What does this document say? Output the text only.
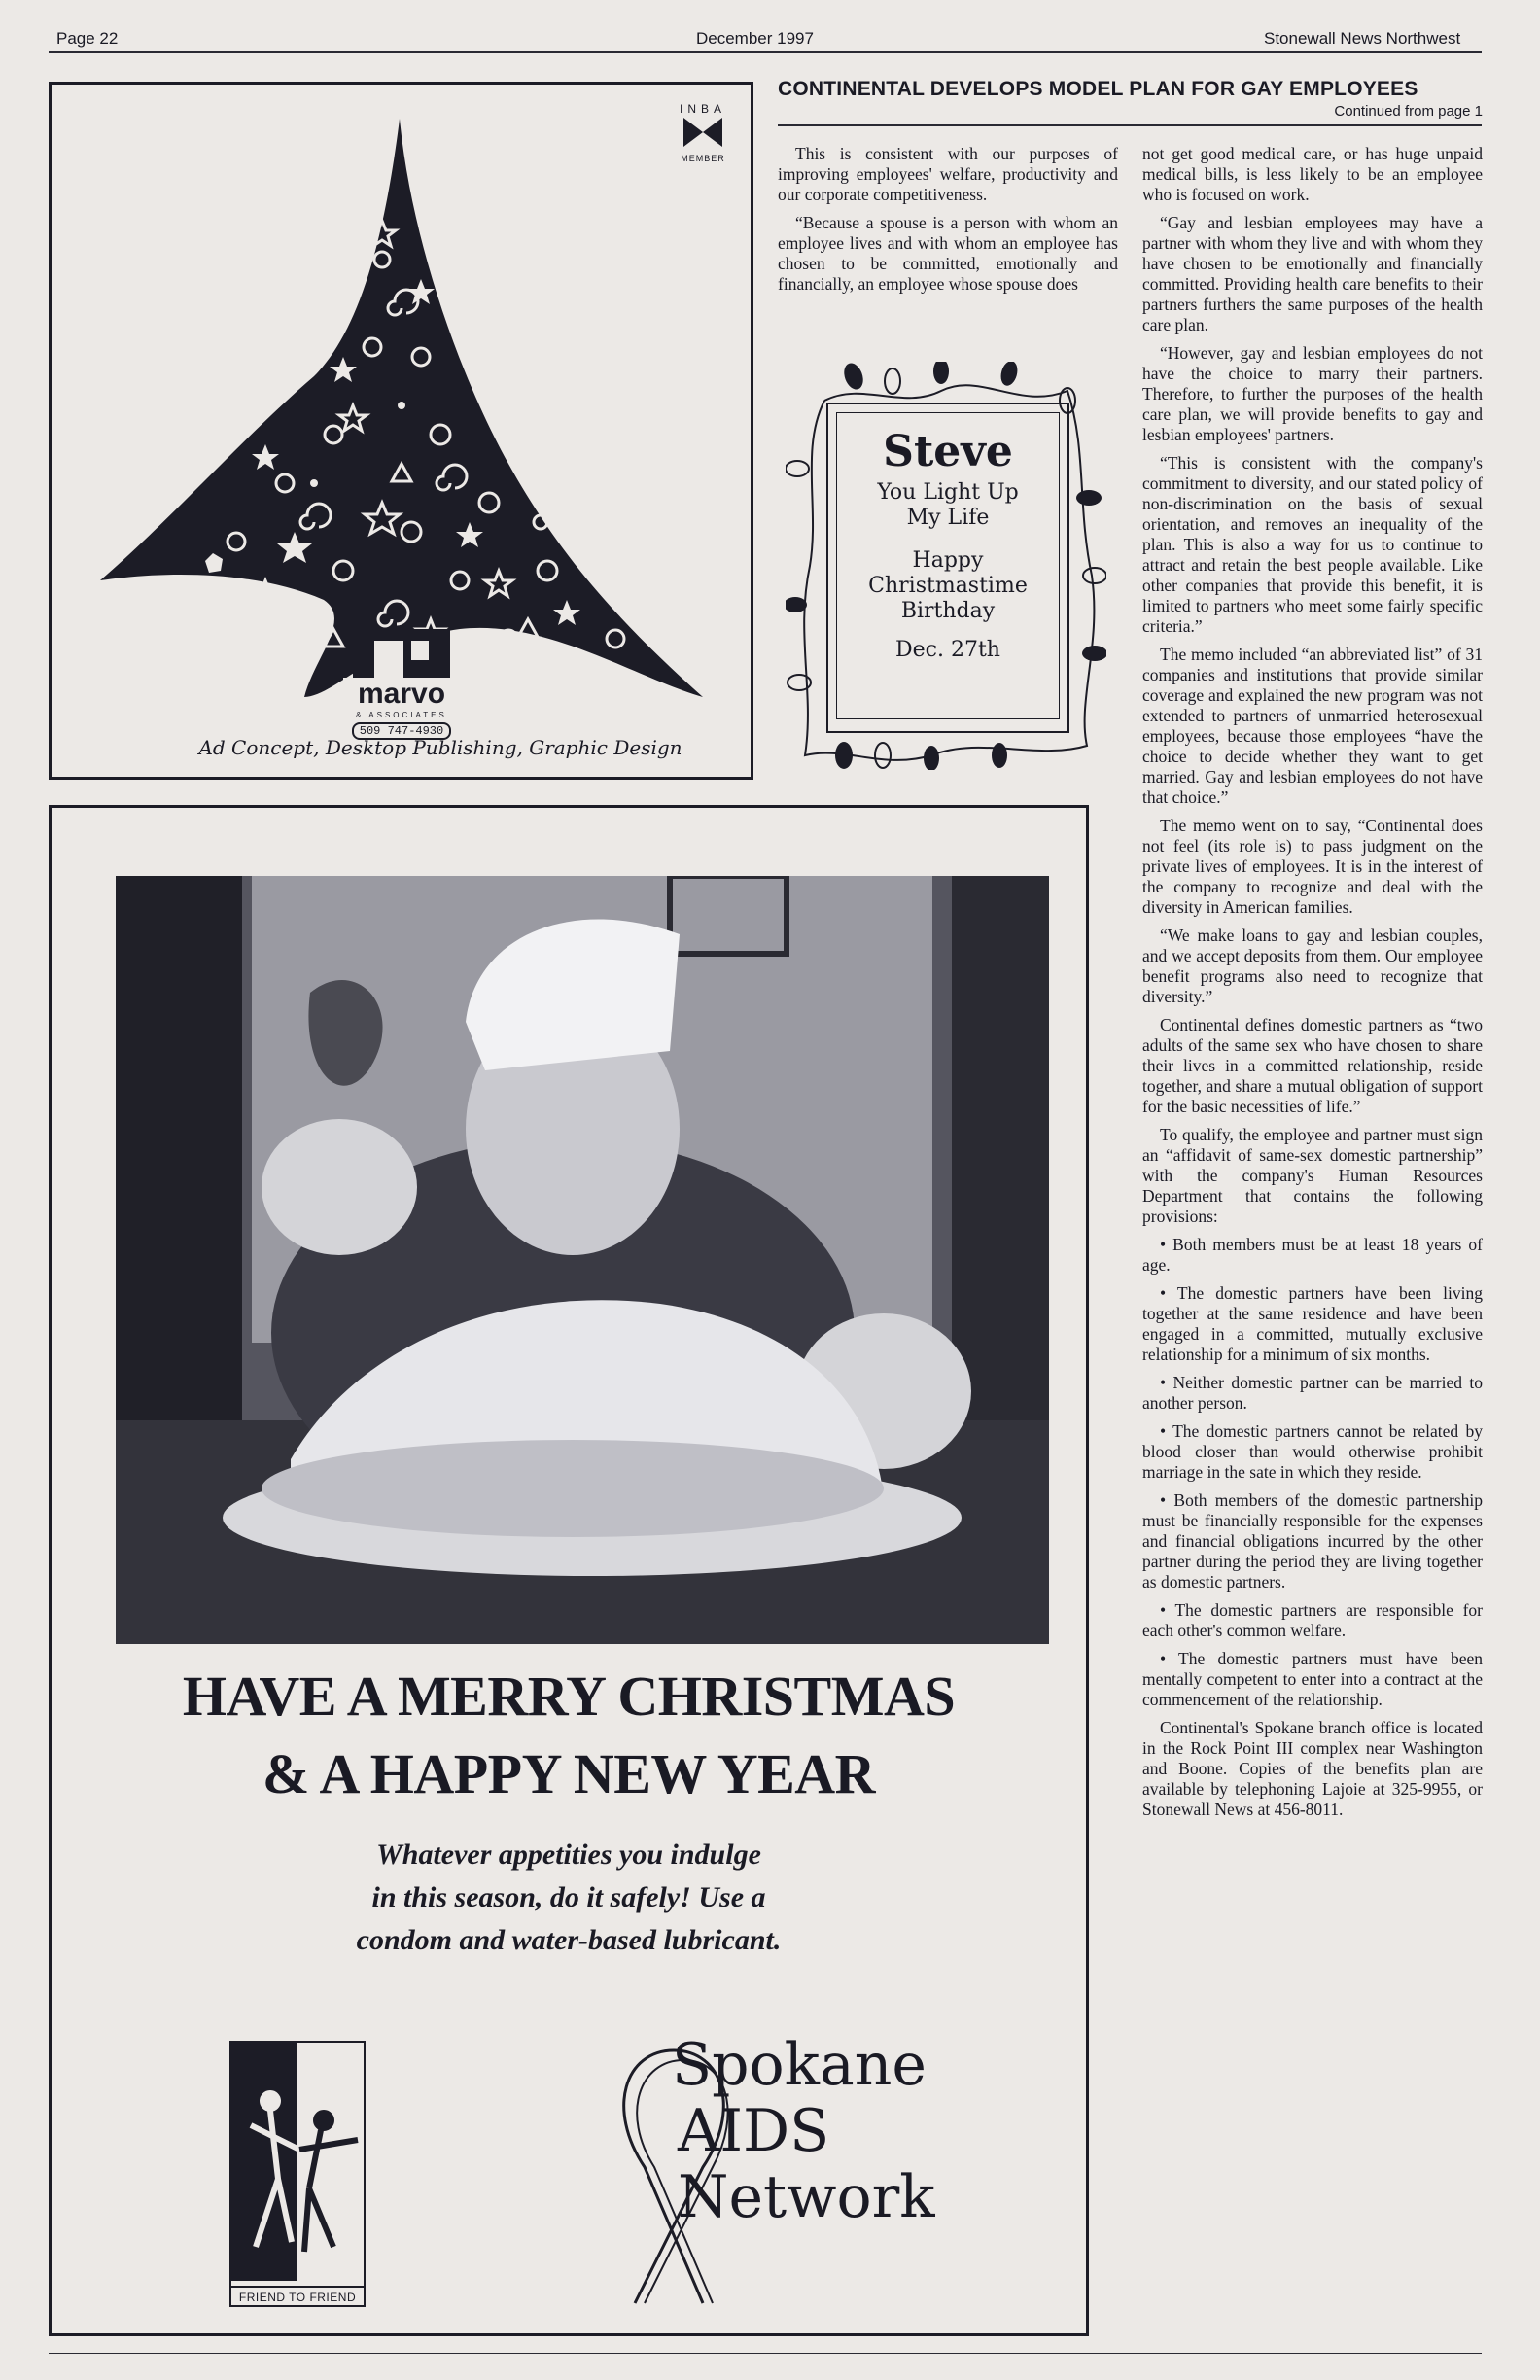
Page 22	December 1997	Stonewall News Northwest
INBA
MEMBER
marvo
& ASSOCIATES
509 747-4930
Ad Concept, Desktop Publishing, Graphic Design
HAVE A MERRY CHRISTMAS
& A HAPPY NEW YEAR
Whatever appetities you indulge
in this season, do it safely! Use a
condom and water-based lubricant.
FRIEND TO FRIEND
Spokane
AIDS
Network
CONTINENTAL DEVELOPS MODEL PLAN FOR GAY EMPLOYEES
Continued from page 1

This is consistent with our purposes of improving employees' welfare, productivity and our corporate competitiveness.

“Because a spouse is a person with whom an employee lives and with whom an employee has chosen to be committed, emotionally and financially, an employee whose spouse does

Steve
You Light Up
My Life
Happy
Christmastime
Birthday
Dec. 27th

not get good medical care, or has huge unpaid medical bills, is less likely to be an employee who is focused on work.

“Gay and lesbian employees may have a partner with whom they live and with whom they have chosen to be emotionally and financially committed. Providing health care benefits to their partners furthers the same purposes of the health care plan.

“However, gay and lesbian employees do not have the choice to marry their partners. Therefore, to further the purposes of the health care plan, we will provide benefits to gay and lesbian employees' partners.

“This is consistent with the company's commitment to diversity, and our stated policy of non-discrimination on the basis of sexual orientation, and removes an inequality of the plan. This is also a way for us to continue to attract and retain the best people available. Like other companies that provide this benefit, it is limited to partners who meet some fairly specific criteria.”

The memo included “an abbreviated list” of 31 companies and institutions that provide similar coverage and explained the new program was not extended to partners of unmarried heterosexual employees, because those employees “have the choice to decide whether they want to get married. Gay and lesbian employees do not have that choice.”

The memo went on to say, “Continental does not feel (its role is) to pass judgment on the private lives of employees. It is in the interest of the company to recognize and deal with the diversity in American families.

“We make loans to gay and lesbian couples, and we accept deposits from them. Our employee benefit programs also need to recognize that diversity.”

Continental defines domestic partners as “two adults of the same sex who have chosen to share their lives in a committed relationship, reside together, and share a mutual obligation of support for the basic necessities of life.”

To qualify, the employee and partner must sign an “affidavit of same-sex domestic partnership” with the company's Human Resources Department that contains the following provisions:

• Both members must be at least 18 years of age.

• The domestic partners have been living together at the same residence and have been engaged in a committed, mutually exclusive relationship for a minimum of six months.

• Neither domestic partner can be married to another person.

• The domestic partners cannot be related by blood closer than would otherwise prohibit marriage in the sate in which they reside.

• Both members of the domestic partnership must be financially responsible for the expenses and financial obligations incurred by the other partner during the period they are living together as domestic partners.

• The domestic partners are responsible for each other's common welfare.

• The domestic partners must have been mentally competent to enter into a contract at the commencement of the relationship.

Continental's Spokane branch office is located in the Rock Point III complex near Washington and Boone. Copies of the benefits plan are available by telephoning Lajoie at 325-9955, or Stonewall News at 456-8011.
